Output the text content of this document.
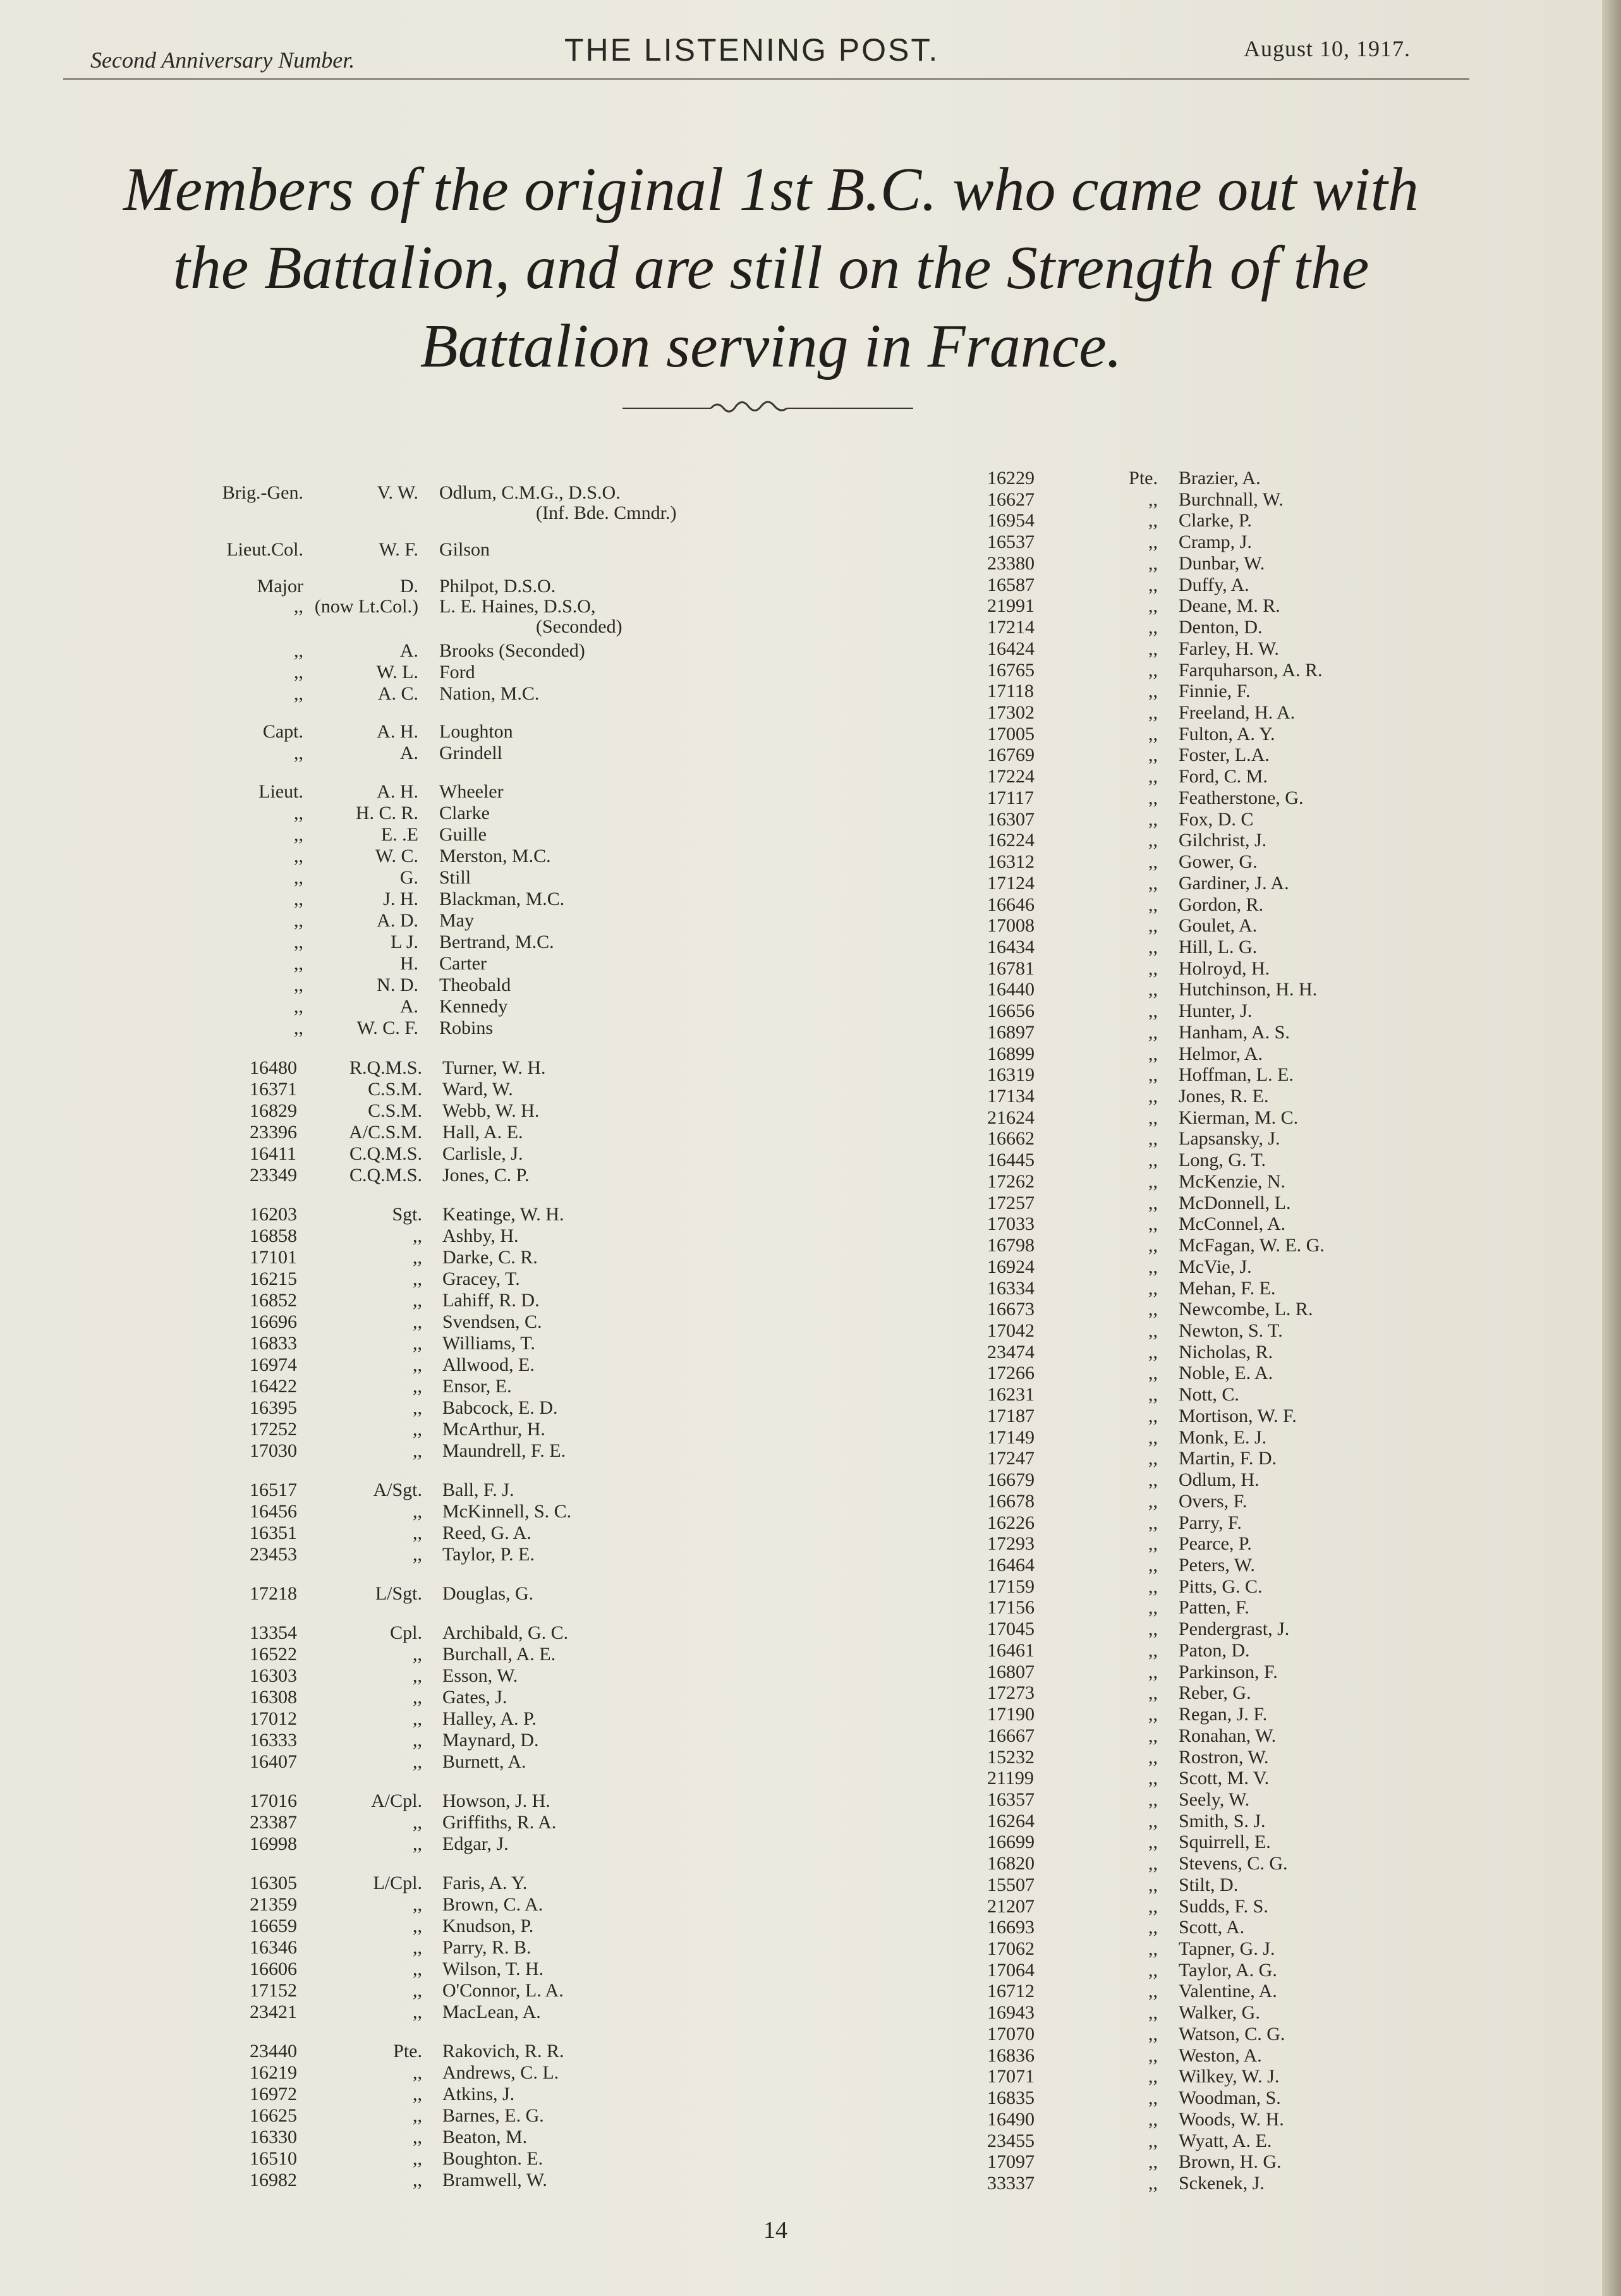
Second Anniversary Number.	THE LISTENING POST.	August 10, 1917.
Members of the original 1st B.C. who came out with
the Battalion, and are still on the Strength of the
Battalion serving in France.
Brig.-Gen.	V. W. Odlum, C.M.G., D.S.O.
(Inf. Bde. Cmndr.)
Lieut.Col.	W. F. Gilson
Major	D. Philpot, D.S.O.
,, (now Lt.Col.) L. E. Haines, D.S.O,
(Seconded)
,,	A. Brooks (Seconded)
,,	W. L. Ford
,,	A. C. Nation, M.C.
Capt.	A. H. Loughton
,,	A. Grindell
Lieut.	A. H. Wheeler
,,	H. C. R. Clarke
,,	E. .E Guille
,,	W. C. Merston, M.C.
,,	G. Still
,,	J. H. Blackman, M.C.
,,	A. D. May
,,	L J. Bertrand, M.C.
,,	H. Carter
,,	N. D. Theobald
,,	A. Kennedy
,,	W. C. F. Robins
16480	R.Q.M.S. Turner, W. H.
16371	C.S.M. Ward, W.
16829	C.S.M. Webb, W. H.
23396	A/C.S.M. Hall, A. E.
16411	C.Q.M.S. Carlisle, J.
23349	C.Q.M.S. Jones, C. P.
16203	Sgt. Keatinge, W. H.
16858	,, Ashby, H.
17101	,, Darke, C. R.
16215	,, Gracey, T.
16852	,, Lahiff, R. D.
16696	,, Svendsen, C.
16833	,, Williams, T.
16974	,, Allwood, E.
16422	,, Ensor, E.
16395	,, Babcock, E. D.
17252	,, McArthur, H.
17030	,, Maundrell, F. E.
16517	A/Sgt. Ball, F. J.
16456	,, McKinnell, S. C.
16351	,, Reed, G. A.
23453	,, Taylor, P. E.
17218	L/Sgt. Douglas, G.
13354	Cpl. Archibald, G. C.
16522	,, Burchall, A. E.
16303	,, Esson, W.
16308	,, Gates, J.
17012	,, Halley, A. P.
16333	,, Maynard, D.
16407	,, Burnett, A.
17016	A/Cpl. Howson, J. H.
23387	,, Griffiths, R. A.
16998	,, Edgar, J.
16305	L/Cpl. Faris, A. Y.
21359	,, Brown, C. A.
16659	,, Knudson, P.
16346	,, Parry, R. B.
16606	,, Wilson, T. H.
17152	,, O'Connor, L. A.
23421	,, MacLean, A.
23440	Pte. Rakovich, R. R.
16219	,, Andrews, C. L.
16972	,, Atkins, J.
16625	,, Barnes, E. G.
16330	,, Beaton, M.
16510	,, Boughton. E.
16982	,, Bramwell, W.
16229	Pte. Brazier, A.
16627	,, Burchnall, W.
16954	,, Clarke, P.
16537	,, Cramp, J.
23380	,, Dunbar, W.
16587	,, Duffy, A.
21991	,, Deane, M. R.
17214	,, Denton, D.
16424	,, Farley, H. W.
16765	,, Farquharson, A. R.
17118	,, Finnie, F.
17302	,, Freeland, H. A.
17005	,, Fulton, A. Y.
16769	,, Foster, L.A.
17224	,, Ford, C. M.
17117	,, Featherstone, G.
16307	,, Fox, D. C
16224	,, Gilchrist, J.
16312	,, Gower, G.
17124	,, Gardiner, J. A.
16646	,, Gordon, R.
17008	,, Goulet, A.
16434	,, Hill, L. G.
16781	,, Holroyd, H.
16440	,, Hutchinson, H. H.
16656	,, Hunter, J.
16897	,, Hanham, A. S.
16899	,, Helmor, A.
16319	,, Hoffman, L. E.
17134	,, Jones, R. E.
21624	,, Kierman, M. C.
16662	,, Lapsansky, J.
16445	,, Long, G. T.
17262	,, McKenzie, N.
17257	,, McDonnell, L.
17033	,, McConnel, A.
16798	,, McFagan, W. E. G.
16924	,, McVie, J.
16334	,, Mehan, F. E.
16673	,, Newcombe, L. R.
17042	,, Newton, S. T.
23474	,, Nicholas, R.
17266	,, Noble, E. A.
16231	,, Nott, C.
17187	,, Mortison, W. F.
17149	,, Monk, E. J.
17247	,, Martin, F. D.
16679	,, Odlum, H.
16678	,, Overs, F.
16226	,, Parry, F.
17293	,, Pearce, P.
16464	,, Peters, W.
17159	,, Pitts, G. C.
17156	,, Patten, F.
17045	,, Pendergrast, J.
16461	,, Paton, D.
16807	,, Parkinson, F.
17273	,, Reber, G.
17190	,, Regan, J. F.
16667	,, Ronahan, W.
15232	,, Rostron, W.
21199	,, Scott, M. V.
16357	,, Seely, W.
16264	,, Smith, S. J.
16699	,, Squirrell, E.
16820	,, Stevens, C. G.
15507	,, Stilt, D.
21207	,, Sudds, F. S.
16693	,, Scott, A.
17062	,, Tapner, G. J.
17064	,, Taylor, A. G.
16712	,, Valentine, A.
16943	,, Walker, G.
17070	,, Watson, C. G.
16836	,, Weston, A.
17071	,, Wilkey, W. J.
16835	,, Woodman, S.
16490	,, Woods, W. H.
23455	,, Wyatt, A. E.
17097	,, Brown, H. G.
33337	,, Sckenek, J.
14
